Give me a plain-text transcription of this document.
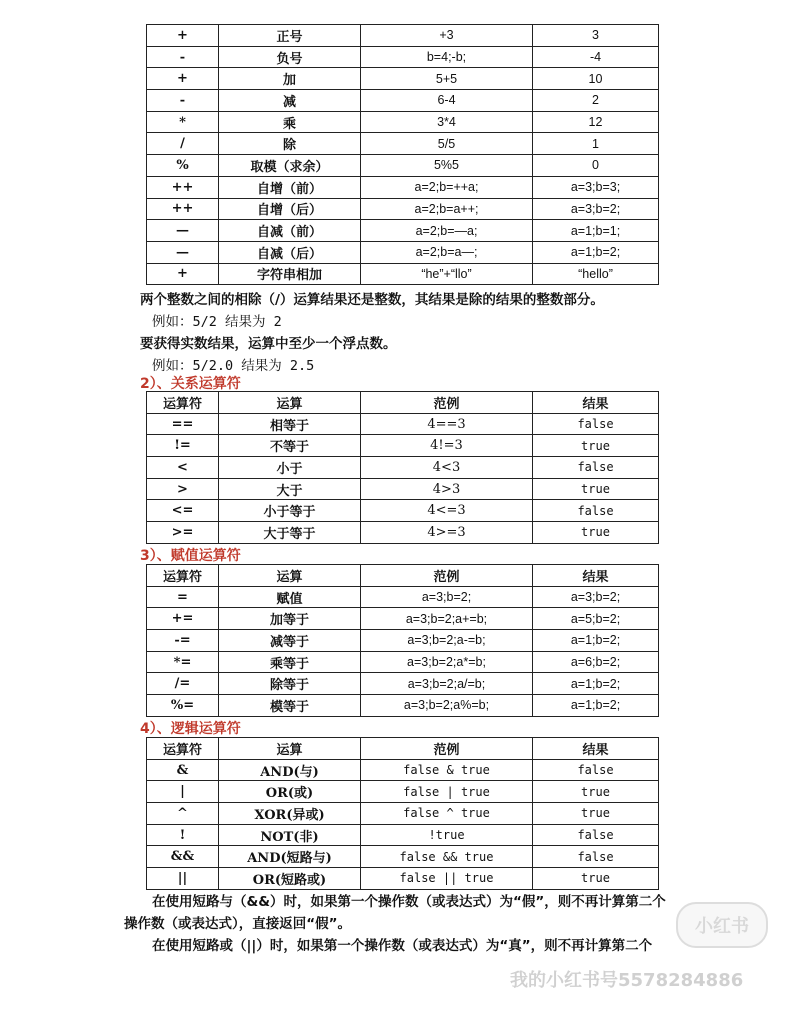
+	正号	+3	3
-	负号	b=4;-b;	-4
+	加	5+5	10
-	减	6-4	2
*	乘	3*4	12
/	除	5/5	1
%	取模（求余）	5%5	0
++	自增（前）	a=2;b=++a;	a=3;b=3;
++	自增（后）	a=2;b=a++;	a=3;b=2;
—	自减（前）	a=2;b=—a;	a=1;b=1;
—	自减（后）	a=2;b=a—;	a=1;b=2;
+	字符串相加	“he”+“llo”	“hello”
两个整数之间的相除（/）运算结果还是整数，其结果是除的结果的整数部分。
例如：5/2 结果为 2
要获得实数结果，运算中至少一个浮点数。
例如：5/2.0 结果为 2.5
2）、关系运算符
运算符	运算	范例	结果
==	相等于	4==3	false
!=	不等于	4!=3	true
<	小于	4<3	false
>	大于	4>3	true
<=	小于等于	4<=3	false
>=	大于等于	4>=3	true
3）、赋值运算符
运算符	运算	范例	结果
=	赋值	a=3;b=2;	a=3;b=2;
+=	加等于	a=3;b=2;a+=b;	a=5;b=2;
-=	减等于	a=3;b=2;a-=b;	a=1;b=2;
*=	乘等于	a=3;b=2;a*=b;	a=6;b=2;
/=	除等于	a=3;b=2;a/=b;	a=1;b=2;
%=	模等于	a=3;b=2;a%=b;	a=1;b=2;
4）、逻辑运算符
运算符	运算	范例	结果
&	AND(与)	false & true	false
|	OR(或)	false | true	true
^	XOR(异或)	false ^ true	true
!	NOT(非)	!true	false
&&	AND(短路与)	false && true	false
||	OR(短路或)	false || true	true
在使用短路与（&&）时，如果第一个操作数（或表达式）为“假”，则不再计算第二个
操作数（或表达式），直接返回“假”。
在使用短路或（||）时，如果第一个操作数（或表达式）为“真”，则不再计算第二个
小红书
我的小红书号5578284886
